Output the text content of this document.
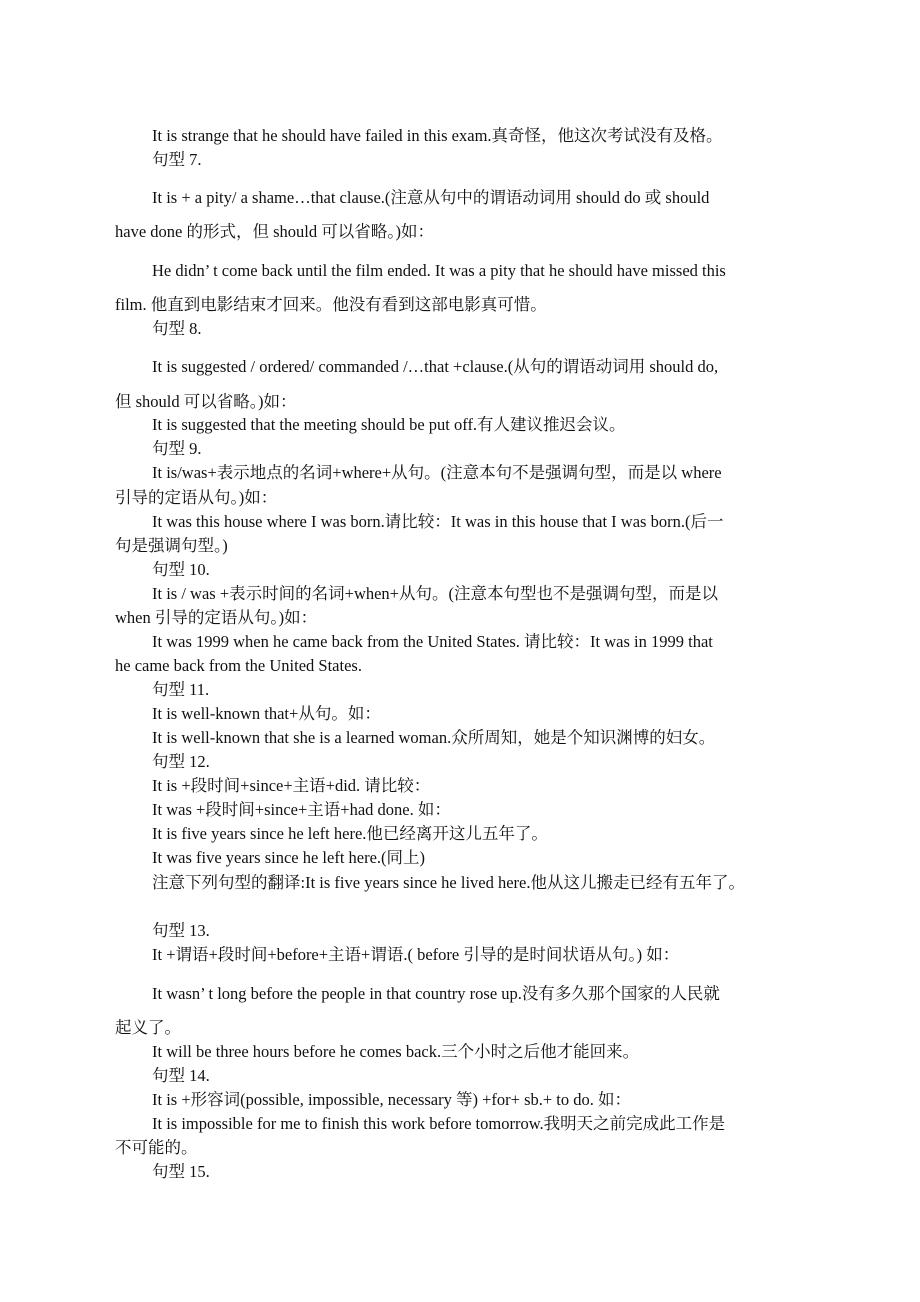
It is strange that he should have failed in this exam.真奇怪，他这次考试没有及格。
句型 7.
It is + a pity/ a shame…that clause.(注意从句中的谓语动词用 should do 或 should
have done 的形式，但 should 可以省略。)如：
He didn’ t come back until the film ended. It was a pity that he should have missed this
film. 他直到电影结束才回来。他没有看到这部电影真可惜。
句型 8.
It is suggested / ordered/ commanded /…that +clause.(从句的谓语动词用 should do,
但 should 可以省略。)如：
It is suggested that the meeting should be put off.有人建议推迟会议。
句型 9.
It is/was+表示地点的名词+where+从句。(注意本句不是强调句型，而是以 where
引导的定语从句。)如：
It was this house where I was born.请比较：It was in this house that I was born.(后一
句是强调句型。)
句型 10.
It is / was +表示时间的名词+when+从句。(注意本句型也不是强调句型，而是以
when 引导的定语从句。)如：
It was 1999 when he came back from the United States. 请比较：It was in 1999 that
he came back from the United States.
句型 11.
It is well-known that+从句。如：
It is well-known that she is a learned woman.众所周知，她是个知识渊博的妇女。
句型 12.
It is +段时间+since+主语+did. 请比较：
It was +段时间+since+主语+had done. 如：
It is five years since he left here.他已经离开这儿五年了。
It was five years since he left here.(同上)
注意下列句型的翻译:It is five years since he lived here.他从这儿搬走已经有五年了。
句型 13.
It +谓语+段时间+before+主语+谓语.( before 引导的是时间状语从句。) 如：
It wasn’ t long before the people in that country rose up.没有多久那个国家的人民就
起义了。
It will be three hours before he comes back.三个小时之后他才能回来。
句型 14.
It is +形容词(possible, impossible, necessary 等) +for+ sb.+ to do. 如：
It is impossible for me to finish this work before tomorrow.我明天之前完成此工作是
不可能的。
句型 15.
